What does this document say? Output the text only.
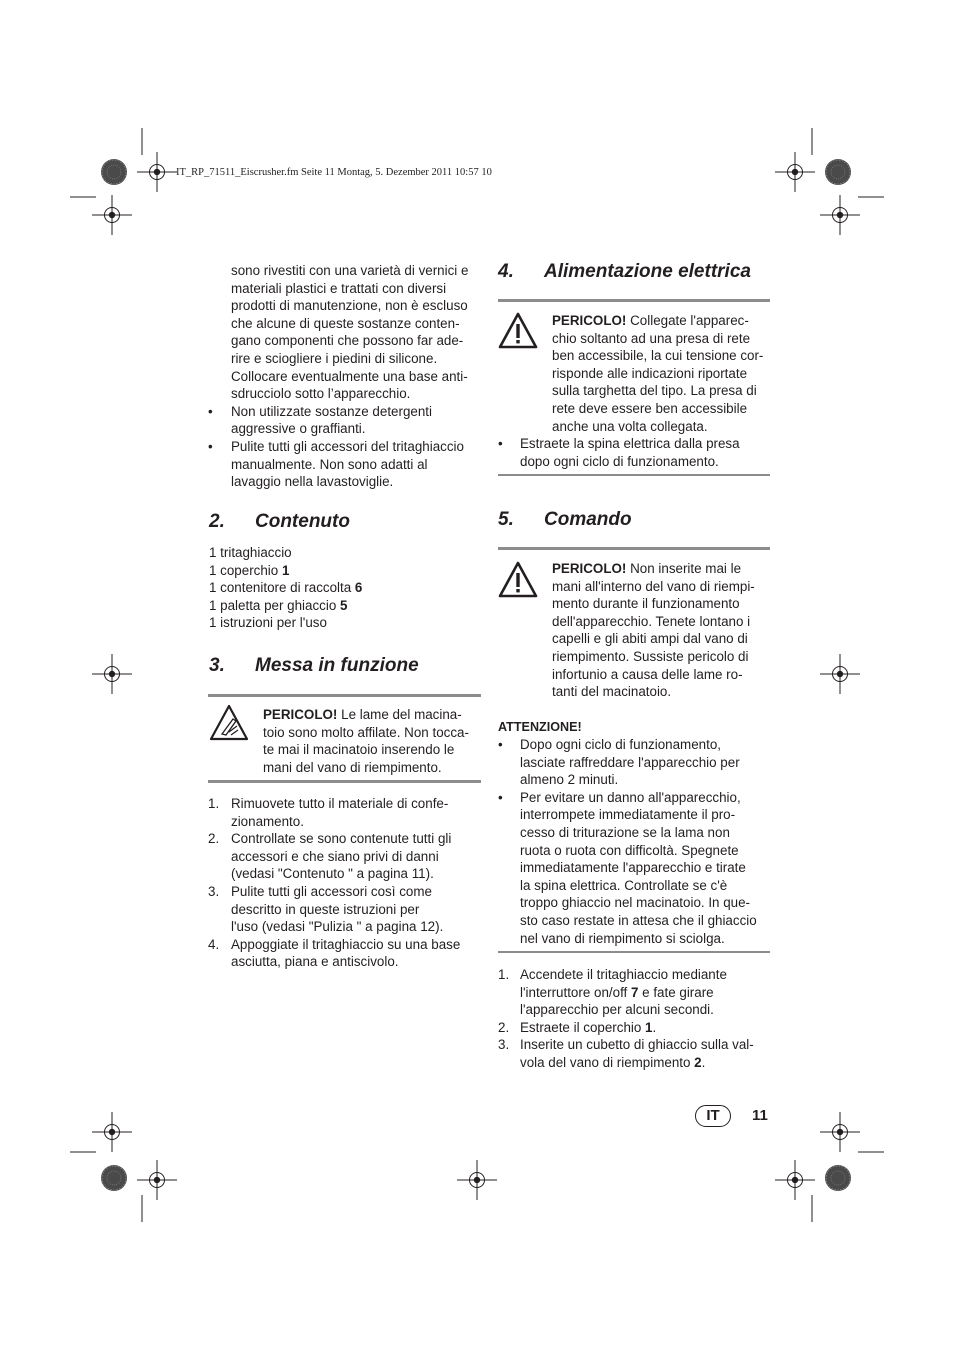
IT_RP_71511_Eiscrusher.fm Seite 11 Montag, 5. Dezember 2011 10:57 10
sono rivestiti con una varietà di vernici e
materiali plastici e trattati con diversi
prodotti di manutenzione, non è escluso
che alcune di queste sostanze conten-
gano componenti che possono far ade-
rire e sciogliere i piedini di silicone.
Collocare eventualmente una base anti-
sdrucciolo sotto l’apparecchio.
• Non utilizzate sostanze detergenti
aggressive o graffianti.
• Pulite tutti gli accessori del tritaghiaccio
manualmente. Non sono adatti al
lavaggio nella lavastoviglie.
2. Contenuto
1 tritaghiaccio
1 coperchio 1
1 contenitore di raccolta 6
1 paletta per ghiaccio 5
1 istruzioni per l'uso
3. Messa in funzione
PERICOLO! Le lame del macina-
toio sono molto affilate. Non tocca-
te mai il macinatoio inserendo le
mani del vano di riempimento.
1. Rimuovete tutto il materiale di confe-
zionamento.
2. Controllate se sono contenute tutti gli
accessori e che siano privi di danni
(vedasi "Contenuto " a pagina 11).
3. Pulite tutti gli accessori così come
descritto in queste istruzioni per
l'uso (vedasi "Pulizia " a pagina 12).
4. Appoggiate il tritaghiaccio su una base
asciutta, piana e antiscivolo.
4. Alimentazione elettrica
PERICOLO! Collegate l'apparec-
chio soltanto ad una presa di rete
ben accessibile, la cui tensione cor-
risponde alle indicazioni riportate
sulla targhetta del tipo. La presa di
rete deve essere ben accessibile
anche una volta collegata.
• Estraete la spina elettrica dalla presa
dopo ogni ciclo di funzionamento.
5. Comando
PERICOLO! Non inserite mai le
mani all'interno del vano di riempi-
mento durante il funzionamento
dell'apparecchio. Tenete lontano i
capelli e gli abiti ampi dal vano di
riempimento. Sussiste pericolo di
infortunio a causa delle lame ro-
tanti del macinatoio.
ATTENZIONE!
• Dopo ogni ciclo di funzionamento,
lasciate raffreddare l'apparecchio per
almeno 2 minuti.
• Per evitare un danno all'apparecchio,
interrompete immediatamente il pro-
cesso di triturazione se la lama non
ruota o ruota con difficoltà. Spegnete
immediatamente l'apparecchio e tirate
la spina elettrica. Controllate se c'è
troppo ghiaccio nel macinatoio. In que-
sto caso restate in attesa che il ghiaccio
nel vano di riempimento si sciolga.
1. Accendete il tritaghiaccio mediante
l'interruttore on/off 7 e fate girare
l'apparecchio per alcuni secondi.
2. Estraete il coperchio 1.
3. Inserite un cubetto di ghiaccio sulla val-
vola del vano di riempimento 2.
IT	11
